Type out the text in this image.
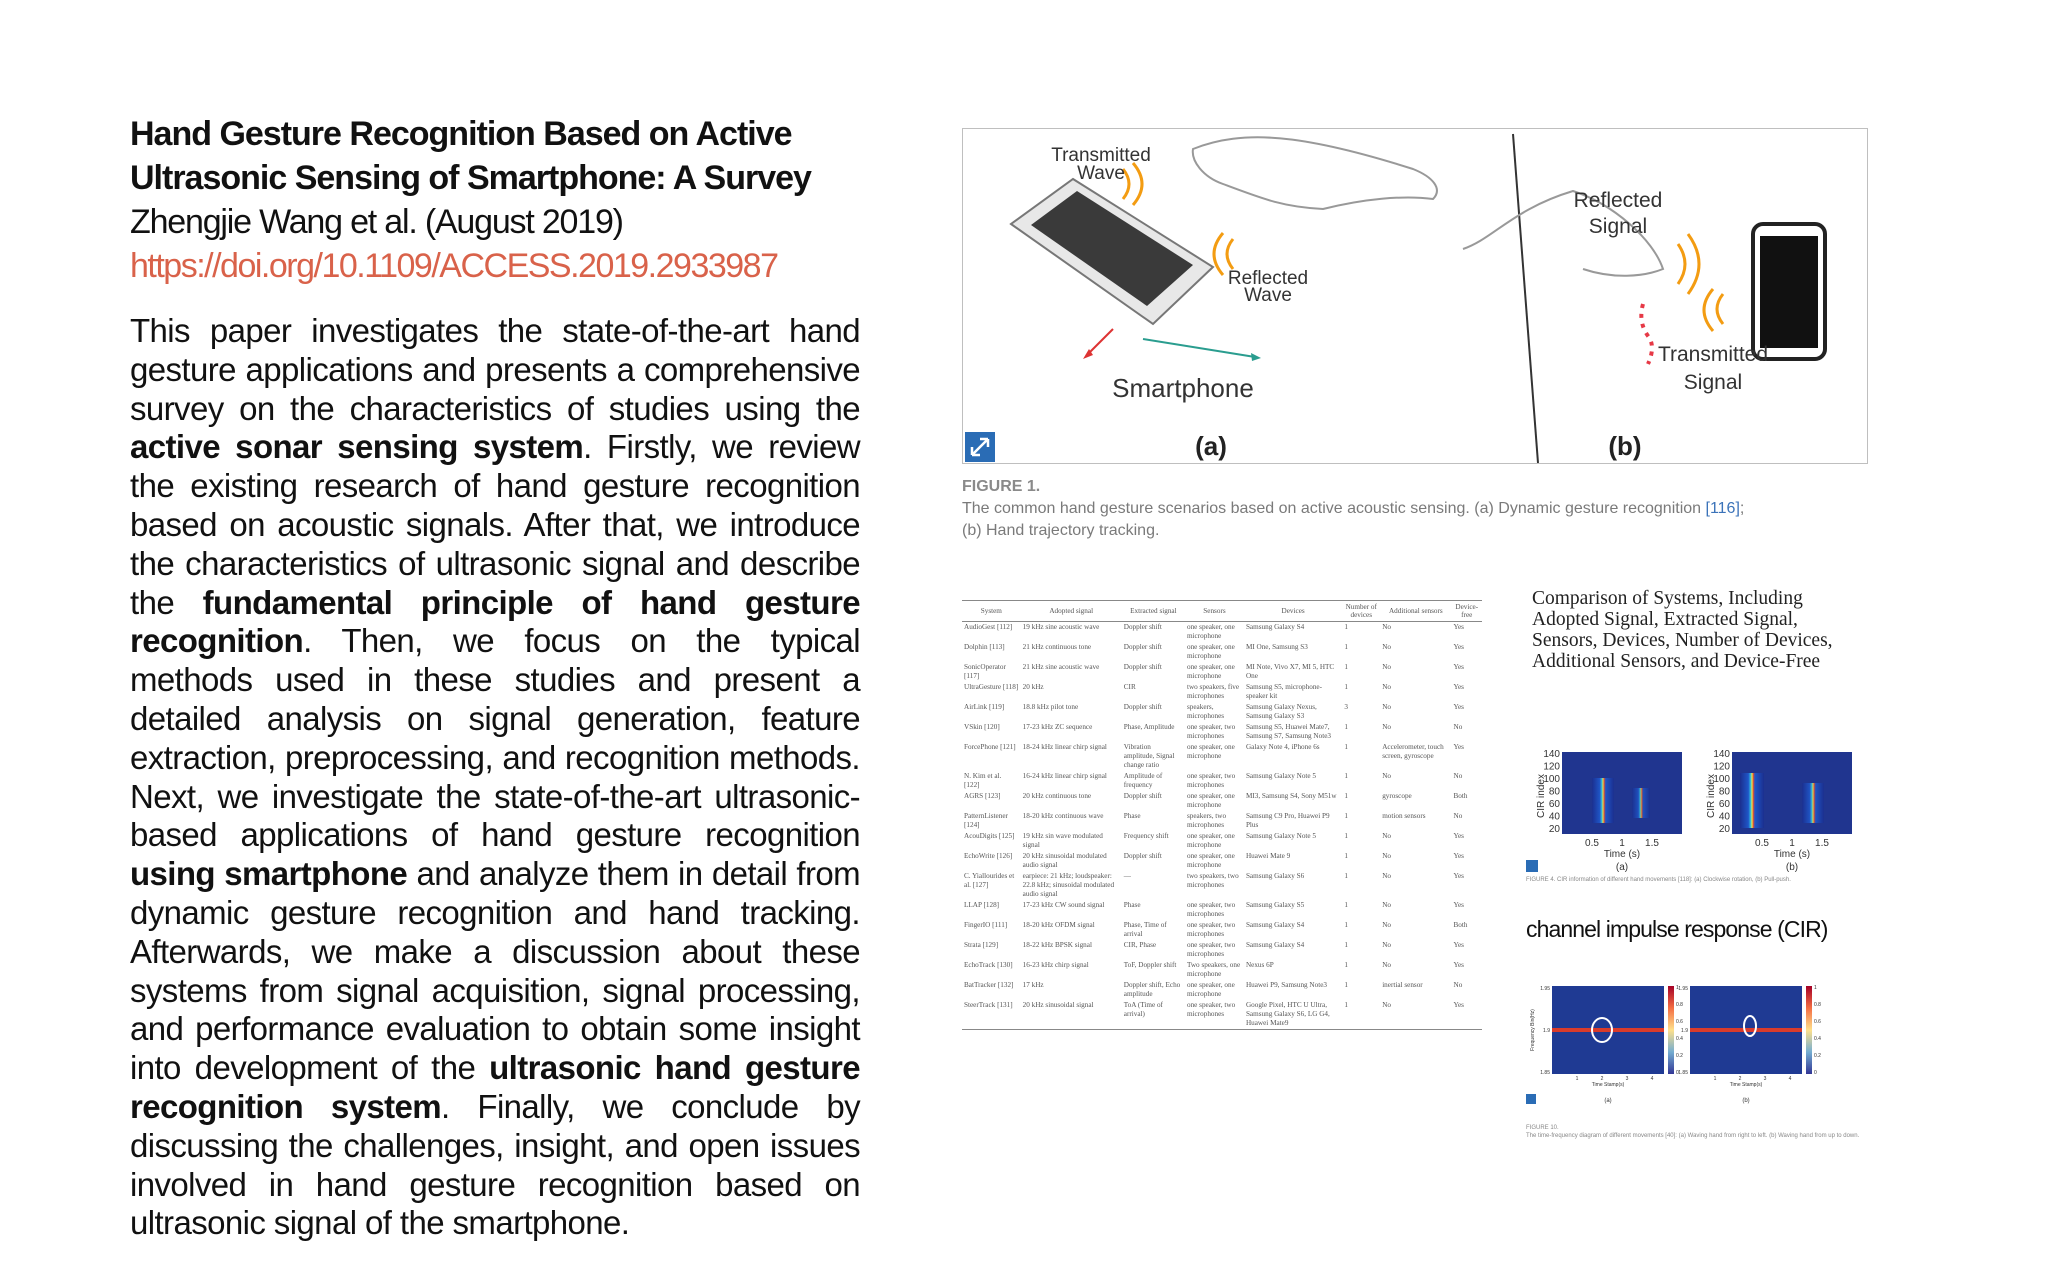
Hand Gesture Recognition Based on Active Ultrasonic Sensing of Smartphone: A Survey Zhengjie Wang et al. (August 2019)

https://doi.org/10.1109/ACCESS.2019.2933987
This paper investigates the state-of-the-art hand gesture applications and presents a comprehensive survey on the characteristics of studies using the active sonar sensing system. Firstly, we review the existing research of hand gesture recognition based on acoustic signals. After that, we introduce the characteristics of ultrasonic signal and describe the fundamental principle of hand gesture recognition. Then, we focus on the typical methods used in these studies and present a detailed analysis on signal generation, feature extraction, preprocessing, and recognition methods. Next, we investigate the state-of-the-art ultrasonic-based applications of hand gesture recognition using smartphone and analyze them in detail from dynamic gesture recognition and hand tracking. Afterwards, we make a discussion about these systems from signal acquisition, signal processing, and performance evaluation to obtain some insight into development of the ultrasonic hand gesture recognition system. Finally, we conclude by discussing the challenges, insight, and open issues involved in hand gesture recognition based on ultrasonic signal of the smartphone.
Transmitted
Wave
Reflected
Wave
Smartphone
(a)
Reflected
Signal
Transmitted
Signal
(b)
FIGURE 1.
The common hand gesture scenarios based on active acoustic sensing. (a) Dynamic gesture recognition [116];
(b) Hand trajectory tracking.
System	Adopted signal	Extracted signal	Sensors	Devices	Number of devices	Additional sensors	Device-free
AudioGest [112]	19 kHz sine acoustic wave	Doppler shift	one speaker, one microphone	Samsung Galaxy S4	1	No	Yes
Dolphin [113]	21 kHz continuous tone	Doppler shift	one speaker, one microphone	MI One, Samsung S3	1	No	Yes
SonicOperator [117]	21 kHz sine acoustic wave	Doppler shift	one speaker, one microphone	MI Note, Vivo X7, MI 5, HTC One	1	No	Yes
UltraGesture [118]	20 kHz	CIR	two speakers, five microphones	Samsung S5, microphone-speaker kit	1	No	Yes
AirLink [119]	18.8 kHz pilot tone	Doppler shift	speakers, microphones	Samsung Galaxy Nexus, Samsung Galaxy S3	3	No	Yes
VSkin [120]	17-23 kHz ZC sequence	Phase, Amplitude	one speaker, two microphones	Samsung S5, Huawei Mate7, Samsung S7, Samsung Note3	1	No	No
ForcePhone [121]	18-24 kHz linear chirp signal	Vibration amplitude, Signal change ratio	one speaker, one microphone	Galaxy Note 4, iPhone 6s	1	Accelerometer, touch screen, gyroscope	Yes
N. Kim et al. [122]	16-24 kHz linear chirp signal	Amplitude of frequency	one speaker, two microphones	Samsung Galaxy Note 5	1	No	No
AGRS [123]	20 kHz continuous tone	Doppler shift	one speaker, one microphone	MI3, Samsung S4, Sony M51w	1	gyroscope	Both
PatternListener [124]	18-20 kHz continuous wave	Phase	speakers, two microphones	Samsung C9 Pro, Huawei P9 Plus	1	motion sensors	No
AcouDigits [125]	19 kHz sin wave modulated signal	Frequency shift	one speaker, one microphone	Samsung Galaxy Note 5	1	No	Yes
EchoWrite [126]	20 kHz sinusoidal modulated audio signal	Doppler shift	one speaker, one microphone	Huawei Mate 9	1	No	Yes
C. Yiallourides et al. [127]	earpiece: 21 kHz; loudspeaker: 22.8 kHz; sinusoidal modulated audio signal	—	two speakers, two microphones	Samsung Galaxy S6	1	No	Yes
LLAP [128]	17-23 kHz CW sound signal	Phase	one speaker, two microphones	Samsung Galaxy S5	1	No	Yes
FingerIO [111]	18-20 kHz OFDM signal	Phase, Time of arrival	one speaker, two microphones	Samsung Galaxy S4	1	No	Both
Strata [129]	18-22 kHz BPSK signal	CIR, Phase	one speaker, two microphones	Samsung Galaxy S4	1	No	Yes
EchoTrack [130]	16-23 kHz chirp signal	ToF, Doppler shift	Two speakers, one microphone	Nexus 6P	1	No	Yes
BatTracker [132]	17 kHz	Doppler shift, Echo amplitude	one speaker, one microphone	Huawei P9, Samsung Note3	1	inertial sensor	No
SteerTrack [131]	20 kHz sinusoidal signal	ToA (Time of arrival)	one speaker, two microphones	Google Pixel, HTC U Ultra, Samsung Galaxy S6, LG G4, Huawei Mate9	1	No	Yes
Comparison of Systems, Including Adopted Signal, Extracted Signal, Sensors, Devices, Number of Devices, Additional Sensors, and Device-Free
140
120
100
80
60
40
20
CIR index
0.5 1 1.5
Time (s)
(a)
140
120
100
80
60
40
20
CIR index
0.5 1 1.5
Time (s)
(b)
FIGURE 4. CIR information of different hand movements [118]: (a) Clockwise rotation, (b) Pull-push.
channel impulse response (CIR)
1.95
1.9
1.85
Frequency Bin(Hz)
1	2	3	4
Time Stamp(s)
1
0.8
0.6
0.4
0.2
0
(a)
1.95
1.9
1.85
1	2	3	4
Time Stamp(s)
1
0.8
0.6
0.4
0.2
0
(b)
FIGURE 10.
The time-frequency diagram of different movements [40]: (a) Waving hand from right to left. (b) Waving hand from up to down.
